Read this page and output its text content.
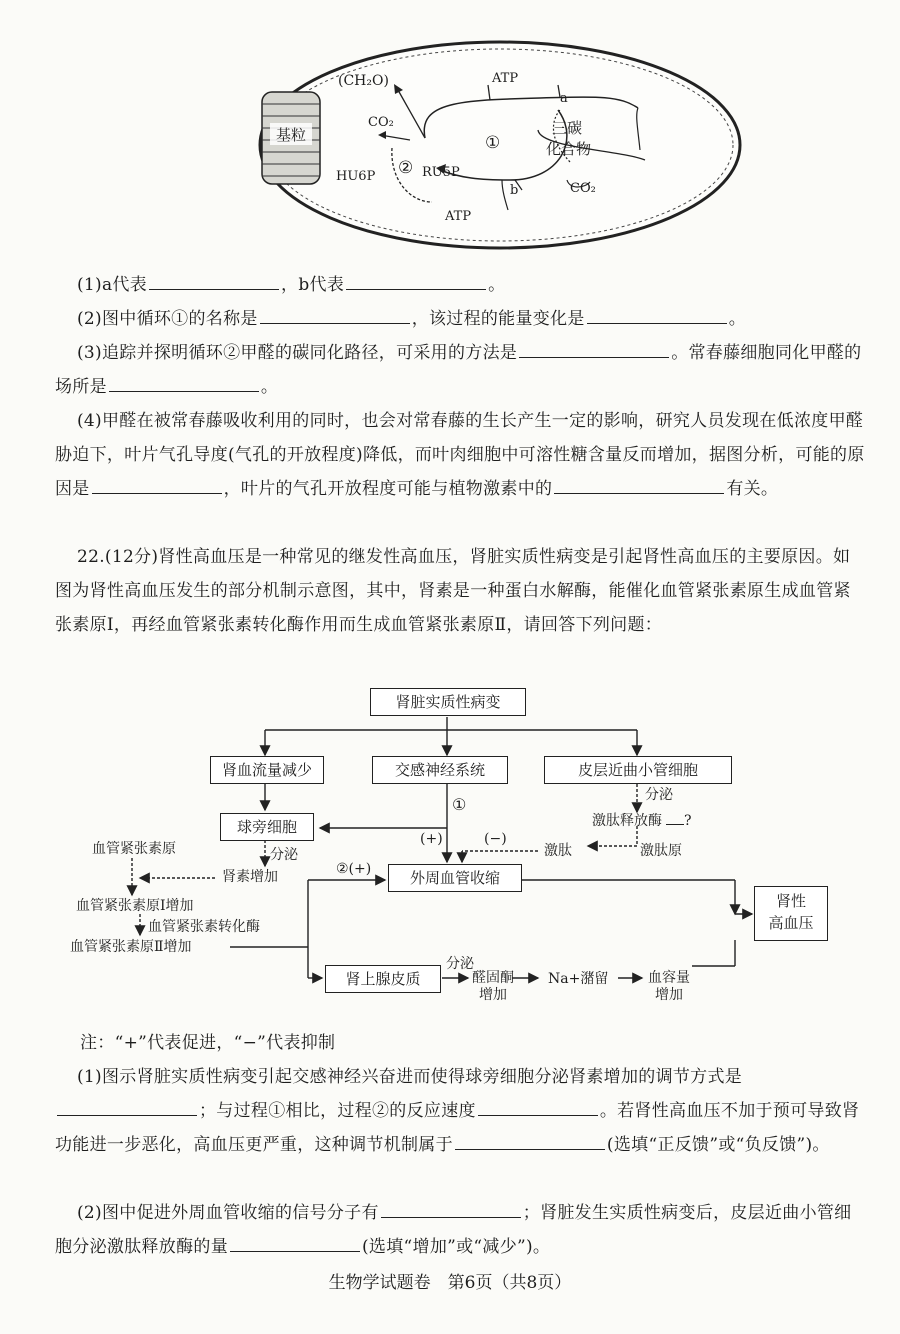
基粒
(CH₂O)	ATP
a
CO₂
②
HU6P	RU5P
①
b
ATP
三碳
化合物
CO₂
(1)a代表	，b代表	。
(2)图中循环①的名称是	，该过程的能量变化是	。
(3)追踪并探明循环②甲醛的碳同化路径，可采用的方法是	。常春藤细胞同化甲醛的场所是	。
(4)甲醛在被常春藤吸收利用的同时，也会对常春藤的生长产生一定的影响，研究人员发现在低浓度甲醛胁迫下，叶片气孔导度(气孔的开放程度)降低，而叶肉细胞中可溶性糖含量反而增加，据图分析，可能的原因是	，叶片的气孔开放程度可能与植物激素中的	有关。
22.(12分)肾性高血压是一种常见的继发性高血压，肾脏实质性病变是引起肾性高血压的主要原因。如图为肾性高血压发生的部分机制示意图，其中，肾素是一种蛋白水解酶，能催化血管紧张素原生成血管紧张素原Ⅰ，再经血管紧张素转化酶作用而生成血管紧张素原Ⅱ，请回答下列问题：
肾脏实质性病变
肾血流量减少	交感神经系统	皮层近曲小管细胞
球旁细胞
外周血管收缩
肾上腺皮质
肾性
高血压
分泌
激肽释放酶 ?
①
(+)	(−)
血管紧张素原	分泌
肾素增加
激肽	激肽原
②(+)
血管紧张素原Ⅰ增加
血管紧张素转化酶
血管紧张素原Ⅱ增加
分泌
醛固酮
增加
Na+潴留	血容量
增加
注：“+”代表促进，“−”代表抑制
(1)图示肾脏实质性病变引起交感神经兴奋进而使得球旁细胞分泌肾素增加的调节方式是；与过程①相比，过程②的反应速度	。若肾性高血压不加于预可导致肾功能进一步恶化，高血压更严重，这种调节机制属于	(选填“正反馈”或“负反馈”)。
(2)图中促进外周血管收缩的信号分子有	；肾脏发生实质性病变后，皮层近曲小管细胞分泌激肽释放酶的量	(选填“增加”或“减少”)。
生物学试题卷　第6页（共8页）
